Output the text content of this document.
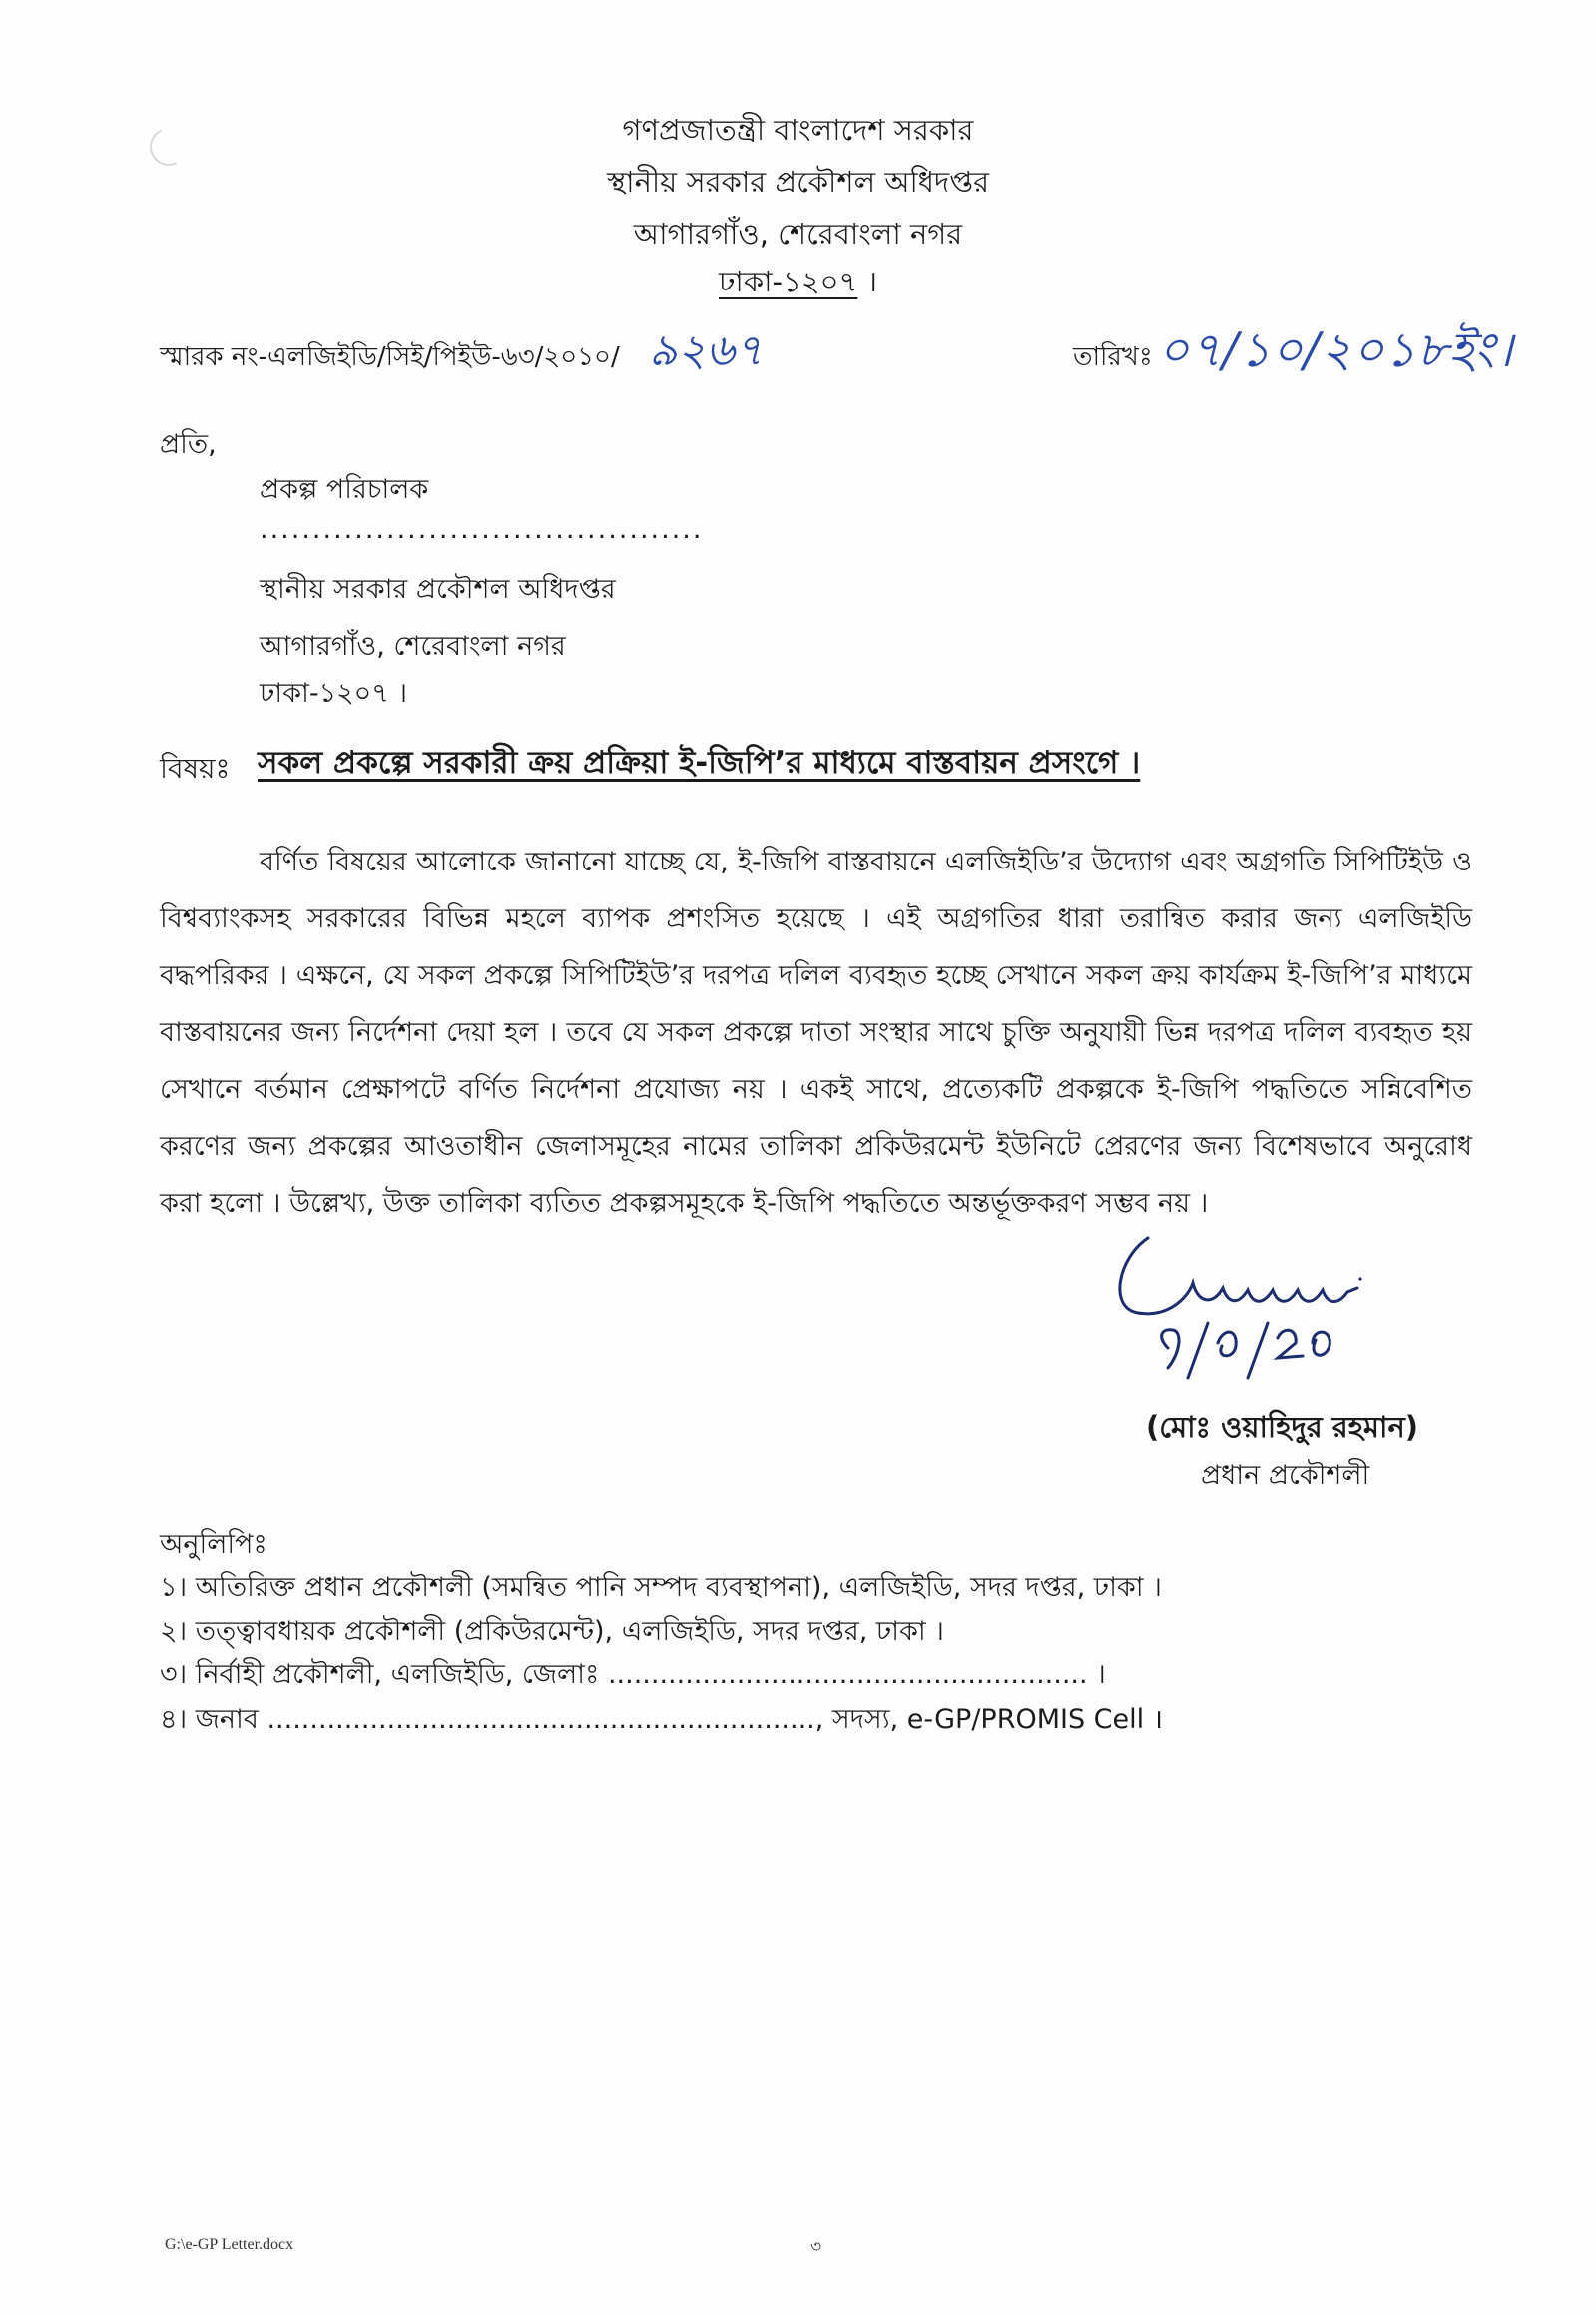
গণপ্রজাতন্ত্রী বাংলাদেশ সরকার
স্থানীয় সরকার প্রকৌশল অধিদপ্তর
আগারগাঁও, শেরেবাংলা নগর
ঢাকা-১২০৭ ।
স্মারক নং-এলজিইডি/সিই/পিইউ-৬৩/২০১০/ ৯২৬৭	তারিখঃ ০৭/১০/২০১৮ইং।
প্রতি,
প্রকল্প পরিচালক
..........................................
স্থানীয় সরকার প্রকৌশল অধিদপ্তর
আগারগাঁও, শেরেবাংলা নগর
ঢাকা-১২০৭ ।
বিষয়ঃ সকল প্রকল্পে সরকারী ক্রয় প্রক্রিয়া ই-জিপি’র মাধ্যমে বাস্তবায়ন প্রসংগে ।
বর্ণিত বিষয়ের আলোকে জানানো যাচ্ছে যে, ই-জিপি বাস্তবায়নে এলজিইডি’র উদ্যোগ এবং অগ্রগতি সিপিটিইউ ও বিশ্বব্যাংকসহ সরকারের বিভিন্ন মহলে ব্যাপক প্রশংসিত হয়েছে । এই অগ্রগতির ধারা তরান্বিত করার জন্য এলজিইডি বদ্ধপরিকর । এক্ষনে, যে সকল প্রকল্পে সিপিটিইউ’র দরপত্র দলিল ব্যবহৃত হচ্ছে সেখানে সকল ক্রয় কার্যক্রম ই-জিপি’র মাধ্যমে বাস্তবায়নের জন্য নির্দেশনা দেয়া হল । তবে যে সকল প্রকল্পে দাতা সংস্থার সাথে চুক্তি অনুযায়ী ভিন্ন দরপত্র দলিল ব্যবহৃত হয় সেখানে বর্তমান প্রেক্ষাপটে বর্ণিত নির্দেশনা প্রযোজ্য নয় । একই সাথে, প্রত্যেকটি প্রকল্পকে ই-জিপি পদ্ধতিতে সন্নিবেশিত করণের জন্য প্রকল্পের আওতাধীন জেলাসমূহের নামের তালিকা প্রকিউরমেন্ট ইউনিটে প্রেরণের জন্য বিশেষভাবে অনুরোধ করা হলো । উল্লেখ্য, উক্ত তালিকা ব্যতিত প্রকল্পসমূহকে ই-জিপি পদ্ধতিতে অন্তর্ভূক্তকরণ সম্ভব নয় ।
(মোঃ ওয়াহিদুর রহমান)
প্রধান প্রকৌশলী
অনুলিপিঃ
১। অতিরিক্ত প্রধান প্রকৌশলী (সমন্বিত পানি সম্পদ ব্যবস্থাপনা), এলজিইডি, সদর দপ্তর, ঢাকা ।
২। তত্ত্বাবধায়ক প্রকৌশলী (প্রকিউরমেন্ট), এলজিইডি, সদর দপ্তর, ঢাকা ।
৩। নির্বাহী প্রকৌশলী, এলজিইডি, জেলাঃ ........................................................ ।
৪। জনাব ................................................................, সদস্য, e-GP/PROMIS Cell ।
G:\e-GP Letter.docx	৩
